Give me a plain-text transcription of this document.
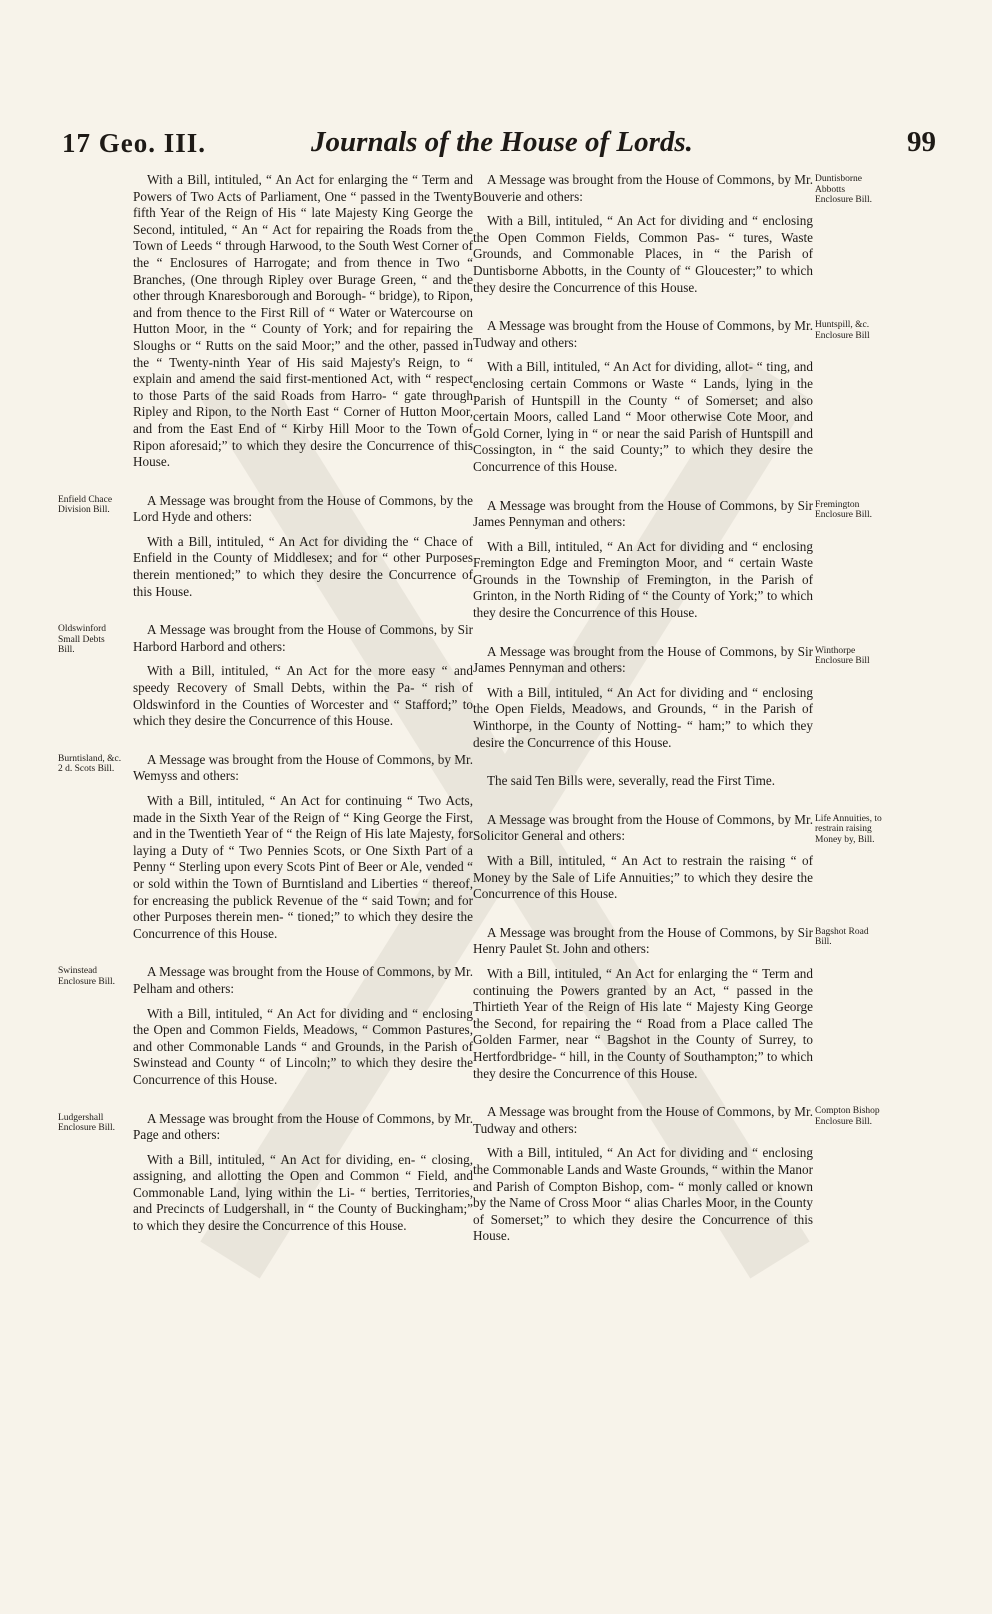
17 Geo. III.	Journals of the House of Lords.	99

With a Bill, intituled, “ An Act for enlarging the “ Term and Powers of Two Acts of Parliament, One “ passed in the Twenty fifth Year of the Reign of His “ late Majesty King George the Second, intituled, “ An “ Act for repairing the Roads from the Town of Leeds “ through Harwood, to the South West Corner of the “ Enclosures of Harrogate; and from thence in Two “ Branches, (One through Ripley over Burage Green, “ and the other through Knaresborough and Borough- “ bridge), to Ripon, and from thence to the First Rill of “ Water or Watercourse on Hutton Moor, in the “ County of York; and for repairing the Sloughs or “ Rutts on the said Moor;” and the other, passed in the “ Twenty-ninth Year of His said Majesty's Reign, to “ explain and amend the said first-mentioned Act, with “ respect to those Parts of the said Roads from Harro- “ gate through Ripley and Ripon, to the North East “ Corner of Hutton Moor, and from the East End of “ Kirby Hill Moor to the Town of Ripon aforesaid;” to which they desire the Concurrence of this House.

A Message was brought from the House of Commons, by the Lord Hyde and others:

With a Bill, intituled, “ An Act for dividing the “ Chace of Enfield in the County of Middlesex; and for “ other Purposes therein mentioned;” to which they desire the Concurrence of this House.

A Message was brought from the House of Commons, by Sir Harbord Harbord and others:

With a Bill, intituled, “ An Act for the more easy “ and speedy Recovery of Small Debts, within the Pa- “ rish of Oldswinford in the Counties of Worcester and “ Stafford;” to which they desire the Concurrence of this House.

A Message was brought from the House of Commons, by Mr. Wemyss and others:

With a Bill, intituled, “ An Act for continuing “ Two Acts, made in the Sixth Year of the Reign of “ King George the First, and in the Twentieth Year of “ the Reign of His late Majesty, for laying a Duty of “ Two Pennies Scots, or One Sixth Part of a Penny “ Sterling upon every Scots Pint of Beer or Ale, vended “ or sold within the Town of Burntisland and Liberties “ thereof, for encreasing the publick Revenue of the “ said Town; and for other Purposes therein men- “ tioned;” to which they desire the Concurrence of this House.

A Message was brought from the House of Commons, by Mr. Pelham and others:

With a Bill, intituled, “ An Act for dividing and “ enclosing the Open and Common Fields, Meadows, “ Common Pastures, and other Commonable Lands “ and Grounds, in the Parish of Swinstead and County “ of Lincoln;” to which they desire the Concurrence of this House.

A Message was brought from the House of Commons, by Mr. Page and others:

With a Bill, intituled, “ An Act for dividing, en- “ closing, assigning, and allotting the Open and Common “ Field, and Commonable Land, lying within the Li- “ berties, Territories, and Precincts of Ludgershall, in “ the County of Buckingham;” to which they desire the Concurrence of this House.

A Message was brought from the House of Commons, by Mr. Bouverie and others:

With a Bill, intituled, “ An Act for dividing and “ enclosing the Open Common Fields, Common Pas- “ tures, Waste Grounds, and Commonable Places, in “ the Parish of Duntisborne Abbotts, in the County of “ Gloucester;” to which they desire the Concurrence of this House.

A Message was brought from the House of Commons, by Mr. Tudway and others:

With a Bill, intituled, “ An Act for dividing, allot- “ ting, and enclosing certain Commons or Waste “ Lands, lying in the Parish of Huntspill in the County “ of Somerset; and also certain Moors, called Land “ Moor otherwise Cote Moor, and Gold Corner, lying in “ or near the said Parish of Huntspill and Cossington, in “ the said County;” to which they desire the Concurrence of this House.

A Message was brought from the House of Commons, by Sir James Pennyman and others:

With a Bill, intituled, “ An Act for dividing and “ enclosing Fremington Edge and Fremington Moor, and “ certain Waste Grounds in the Township of Fremington, in the Parish of Grinton, in the North Riding of “ the County of York;” to which they desire the Concurrence of this House.

A Message was brought from the House of Commons, by Sir James Pennyman and others:

With a Bill, intituled, “ An Act for dividing and “ enclosing the Open Fields, Meadows, and Grounds, “ in the Parish of Winthorpe, in the County of Notting- “ ham;” to which they desire the Concurrence of this House.

The said Ten Bills were, severally, read the First Time.

A Message was brought from the House of Commons, by Mr. Solicitor General and others:

With a Bill, intituled, “ An Act to restrain the raising “ of Money by the Sale of Life Annuities;” to which they desire the Concurrence of this House.

A Message was brought from the House of Commons, by Sir Henry Paulet St. John and others:

With a Bill, intituled, “ An Act for enlarging the “ Term and continuing the Powers granted by an Act, “ passed in the Thirtieth Year of the Reign of His late “ Majesty King George the Second, for repairing the “ Road from a Place called The Golden Farmer, near “ Bagshot in the County of Surrey, to Hertfordbridge- “ hill, in the County of Southampton;” to which they desire the Concurrence of this House.

A Message was brought from the House of Commons, by Mr. Tudway and others:

With a Bill, intituled, “ An Act for dividing and “ enclosing the Commonable Lands and Waste Grounds, “ within the Manor and Parish of Compton Bishop, com- “ monly called or known by the Name of Cross Moor “ alias Charles Moor, in the County of Somerset;” to which they desire the Concurrence of this House.

Enfield Chace Division Bill.
Oldswinford Small Debts Bill.
Burntisland, &c. 2 d. Scots Bill.
Swinstead Enclosure Bill.
Ludgershall Enclosure Bill.
Duntisborne Abbotts Enclosure Bill.
Huntspill, &c. Enclosure Bill
Fremington Enclosure Bill.
Winthorpe Enclosure Bill
Life Annuities, to restrain raising Money by, Bill.
Bagshot Road Bill.
Compton Bishop Enclosure Bill.
